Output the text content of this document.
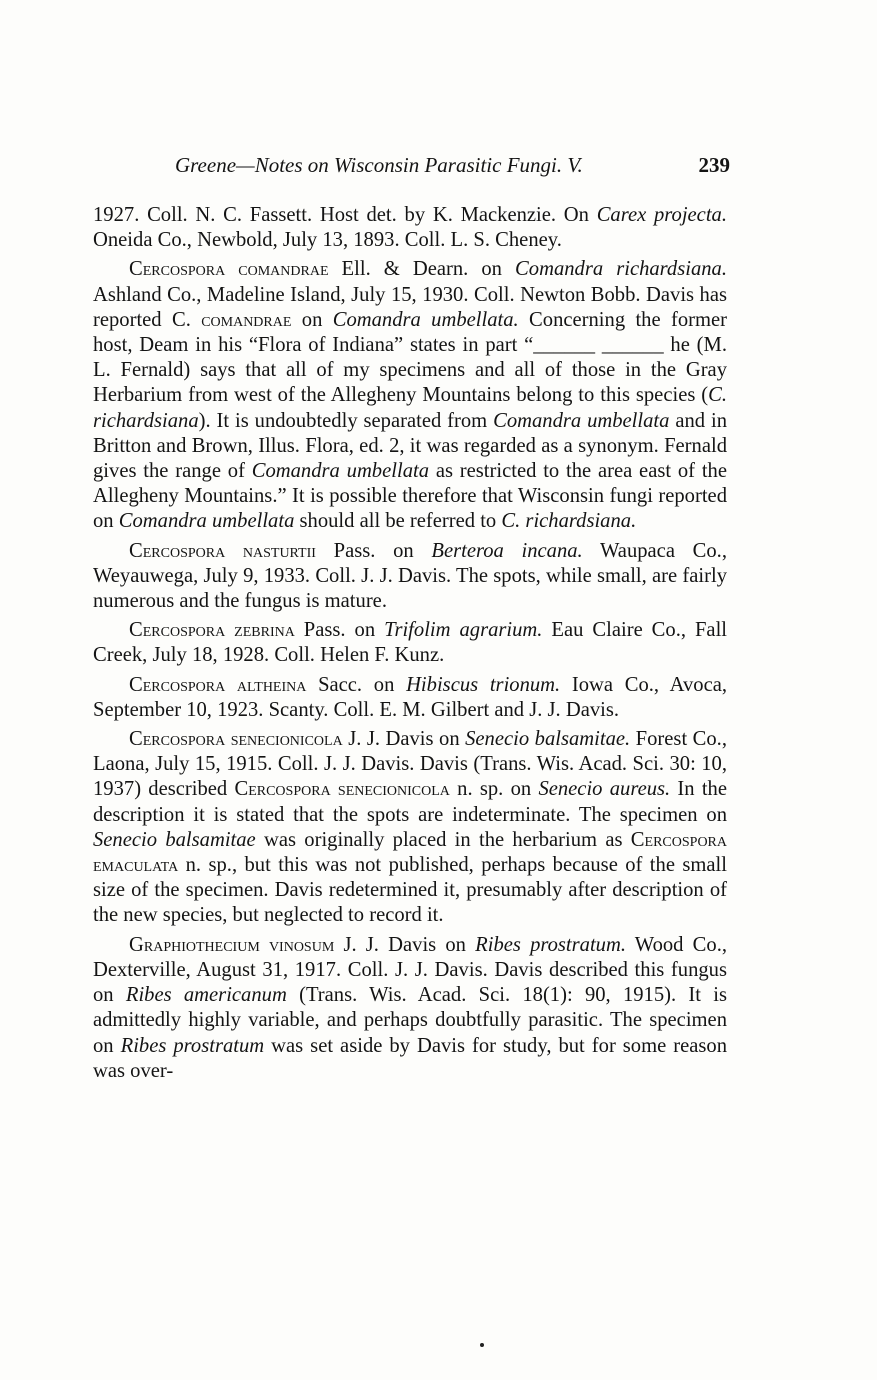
Greene—Notes on Wisconsin Parasitic Fungi. V.	239

1927. Coll. N. C. Fassett. Host det. by K. Mackenzie. On Carex projecta. Oneida Co., Newbold, July 13, 1893. Coll. L. S. Cheney.

Cercospora comandrae Ell. & Dearn. on Comandra richardsiana. Ashland Co., Madeline Island, July 15, 1930. Coll. Newton Bobb. Davis has reported C. comandrae on Comandra umbellata. Concerning the former host, Deam in his “Flora of Indiana” states in part “______ ______ he (M. L. Fernald) says that all of my specimens and all of those in the Gray Herbarium from west of the Allegheny Mountains belong to this species (C. richardsiana). It is undoubtedly separated from Comandra umbellata and in Britton and Brown, Illus. Flora, ed. 2, it was regarded as a synonym. Fernald gives the range of Comandra umbellata as restricted to the area east of the Allegheny Mountains.” It is possible therefore that Wisconsin fungi reported on Comandra umbellata should all be referred to C. richardsiana.

Cercospora nasturtii Pass. on Berteroa incana. Waupaca Co., Weyauwega, July 9, 1933. Coll. J. J. Davis. The spots, while small, are fairly numerous and the fungus is mature.

Cercospora zebrina Pass. on Trifolim agrarium. Eau Claire Co., Fall Creek, July 18, 1928. Coll. Helen F. Kunz.

Cercospora altheina Sacc. on Hibiscus trionum. Iowa Co., Avoca, September 10, 1923. Scanty. Coll. E. M. Gilbert and J. J. Davis.

Cercospora senecionicola J. J. Davis on Senecio balsamitae. Forest Co., Laona, July 15, 1915. Coll. J. J. Davis. Davis (Trans. Wis. Acad. Sci. 30: 10, 1937) described Cercospora senecionicola n. sp. on Senecio aureus. In the description it is stated that the spots are indeterminate. The specimen on Senecio balsamitae was originally placed in the herbarium as Cercospora emaculata n. sp., but this was not published, perhaps because of the small size of the specimen. Davis redetermined it, presumably after description of the new species, but neglected to record it.

Graphiothecium vinosum J. J. Davis on Ribes prostratum. Wood Co., Dexterville, August 31, 1917. Coll. J. J. Davis. Davis described this fungus on Ribes americanum (Trans. Wis. Acad. Sci. 18(1): 90, 1915). It is admittedly highly variable, and perhaps doubtfully parasitic. The specimen on Ribes prostratum was set aside by Davis for study, but for some reason was over-
